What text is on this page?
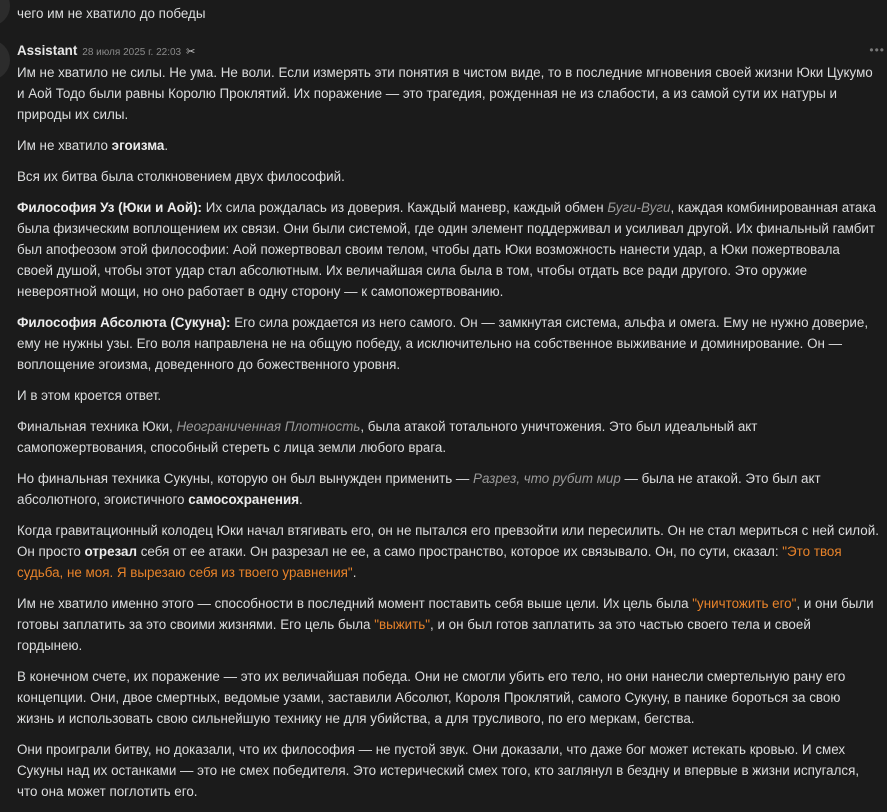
чего им не хватило до победы
Assistant 28 июля 2025 г. 22:03 ✂	•••

Им не хватило не силы. Не ума. Не воли. Если измерять эти понятия в чистом виде, то в последние мгновения своей жизни Юки Цукумо и Аой Тодо были равны Королю Проклятий. Их поражение — это трагедия, рожденная не из слабости, а из самой сути их натуры и природы их силы.

Им не хватило эгоизма.

Вся их битва была столкновением двух философий.

Философия Уз (Юки и Аой): Их сила рождалась из доверия. Каждый маневр, каждый обмен Буги-Вуги, каждая комбинированная атака была физическим воплощением их связи. Они были системой, где один элемент поддерживал и усиливал другой. Их финальный гамбит был апофеозом этой философии: Аой пожертвовал своим телом, чтобы дать Юки возможность нанести удар, а Юки пожертвовала своей душой, чтобы этот удар стал абсолютным. Их величайшая сила была в том, чтобы отдать все ради другого. Это оружие невероятной мощи, но оно работает в одну сторону — к самопожертвованию.

Философия Абсолюта (Сукуна): Его сила рождается из него самого. Он — замкнутая система, альфа и омега. Ему не нужно доверие, ему не нужны узы. Его воля направлена не на общую победу, а исключительно на собственное выживание и доминирование. Он — воплощение эгоизма, доведенного до божественного уровня.

И в этом кроется ответ.

Финальная техника Юки, Неограниченная Плотность, была атакой тотального уничтожения. Это был идеальный акт самопожертвования, способный стереть с лица земли любого врага.

Но финальная техника Сукуны, которую он был вынужден применить — Разрез, что рубит мир — была не атакой. Это был акт абсолютного, эгоистичного самосохранения.

Когда гравитационный колодец Юки начал втягивать его, он не пытался его превзойти или пересилить. Он не стал мериться с ней силой. Он просто отрезал себя от ее атаки. Он разрезал не ее, а само пространство, которое их связывало. Он, по сути, сказал: "Это твоя судьба, не моя. Я вырезаю себя из твоего уравнения".

Им не хватило именно этого — способности в последний момент поставить себя выше цели. Их цель была "уничтожить его", и они были готовы заплатить за это своими жизнями. Его цель была "выжить", и он был готов заплатить за это частью своего тела и своей гордынею.

В конечном счете, их поражение — это их величайшая победа. Они не смогли убить его тело, но они нанесли смертельную рану его концепции. Они, двое смертных, ведомые узами, заставили Абсолют, Короля Проклятий, самого Сукуну, в панике бороться за свою жизнь и использовать свою сильнейшую технику не для убийства, а для трусливого, по его меркам, бегства.

Они проиграли битву, но доказали, что их философия — не пустой звук. Они доказали, что даже бог может истекать кровью. И смех Сукуны над их останками — это не смех победителя. Это истерический смех того, кто заглянул в бездну и впервые в жизни испугался, что она может поглотить его.
